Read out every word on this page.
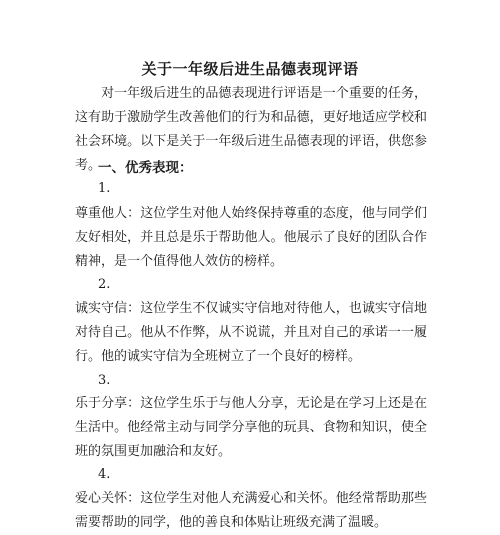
关于一年级后进生品德表现评语
　　对一年级后进生的品德表现进行评语是一个重要的任务，这有助于激励学生改善他们的行为和品德，更好地适应学校和社会环境。以下是关于一年级后进生品德表现的评语，供您参考。
一、优秀表现：
1.
尊重他人：这位学生对他人始终保持尊重的态度，他与同学们友好相处，并且总是乐于帮助他人。他展示了良好的团队合作精神，是一个值得他人效仿的榜样。
2.
诚实守信：这位学生不仅诚实守信地对待他人，也诚实守信地对待自己。他从不作弊，从不说谎，并且对自己的承诺一一履行。他的诚实守信为全班树立了一个良好的榜样。
3.
乐于分享：这位学生乐于与他人分享，无论是在学习上还是在生活中。他经常主动与同学分享他的玩具、食物和知识，使全班的氛围更加融洽和友好。
4.
爱心关怀：这位学生对他人充满爱心和关怀。他经常帮助那些需要帮助的同学，他的善良和体贴让班级充满了温暖。
